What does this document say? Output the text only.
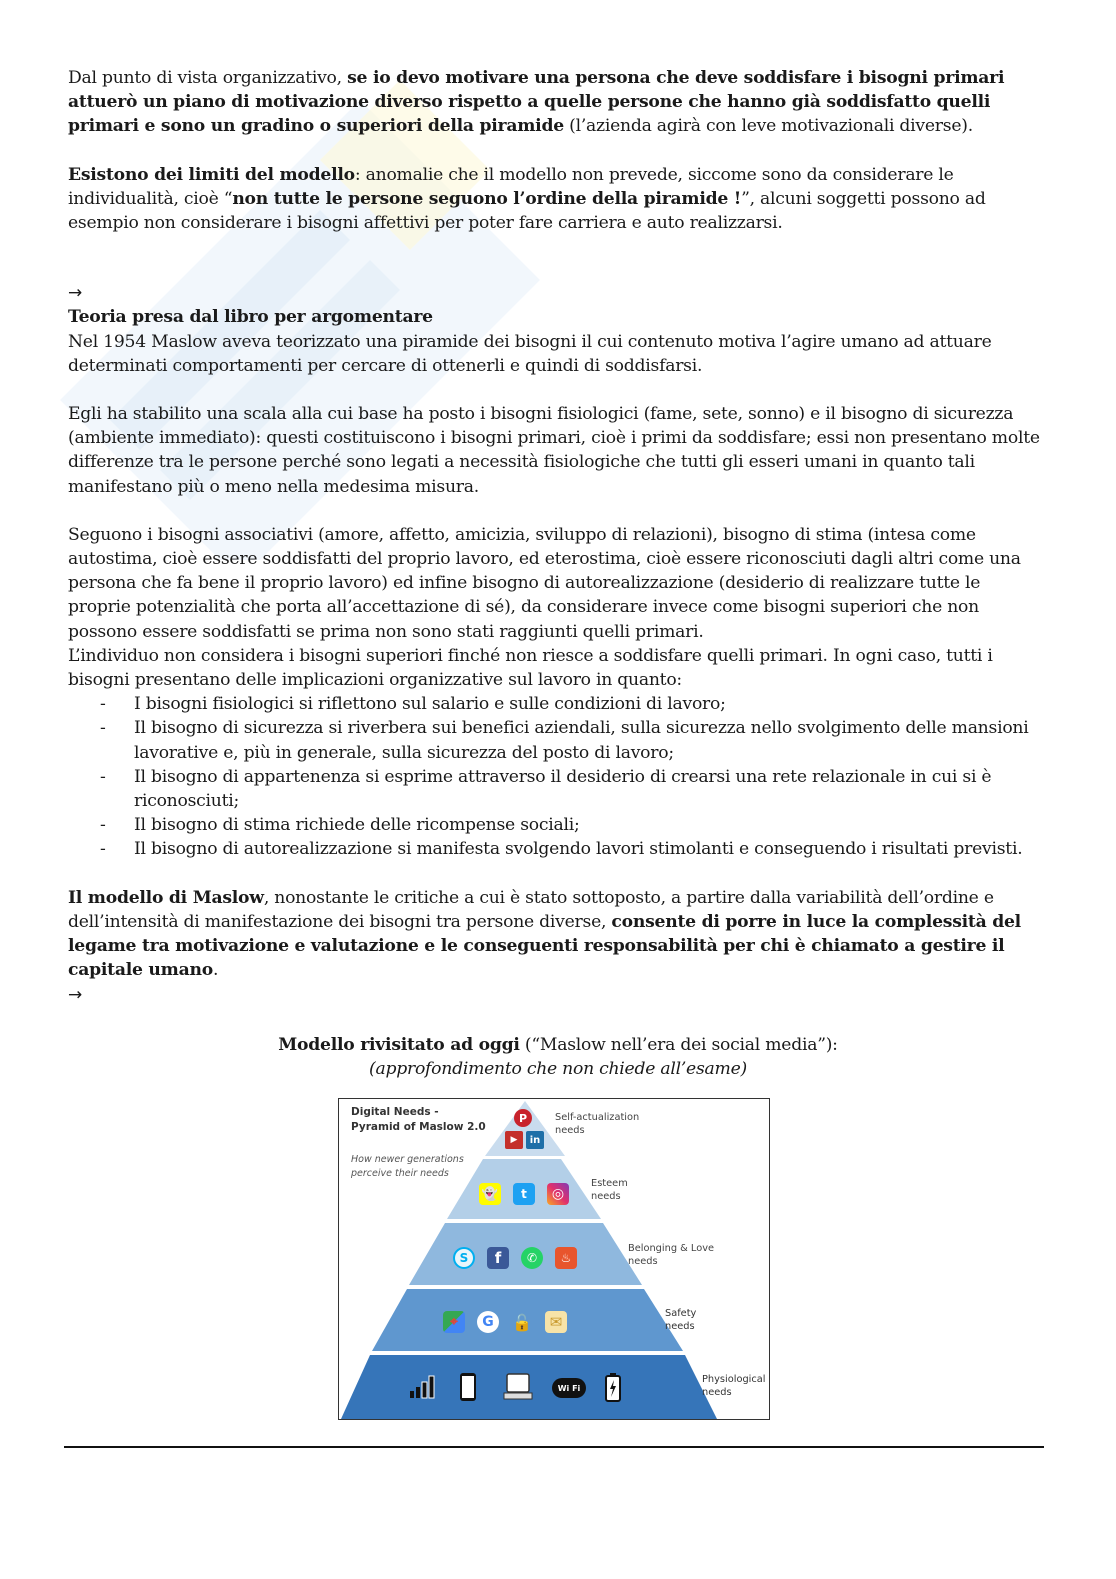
Dal punto di vista organizzativo, se io devo motivare una persona che deve soddisfare i bisogni primari attuerò un piano di motivazione diverso rispetto a quelle persone che hanno già soddisfatto quelli primari e sono un gradino o superiori della piramide (l’azienda agirà con leve motivazionali diverse).

Esistono dei limiti del modello: anomalie che il modello non prevede, siccome sono da considerare le individualità, cioè “non tutte le persone seguono l’ordine della piramide !”, alcuni soggetti possono ad esempio non considerare i bisogni affettivi per poter fare carriera e auto realizzarsi.

→

Teoria presa dal libro per argomentare

Nel 1954 Maslow aveva teorizzato una piramide dei bisogni il cui contenuto motiva l’agire umano ad attuare determinati comportamenti per cercare di ottenerli e quindi di soddisfarsi.

Egli ha stabilito una scala alla cui base ha posto i bisogni fisiologici (fame, sete, sonno) e il bisogno di sicurezza (ambiente immediato): questi costituiscono i bisogni primari, cioè i primi da soddisfare; essi non presentano molte differenze tra le persone perché sono legati a necessità fisiologiche che tutti gli esseri umani in quanto tali manifestano più o meno nella medesima misura.

Seguono i bisogni associativi (amore, affetto, amicizia, sviluppo di relazioni), bisogno di stima (intesa come autostima, cioè essere soddisfatti del proprio lavoro, ed eterostima, cioè essere riconosciuti dagli altri come una persona che fa bene il proprio lavoro) ed infine bisogno di autorealizzazione (desiderio di realizzare tutte le proprie potenzialità che porta all’accettazione di sé), da considerare invece come bisogni superiori che non possono essere soddisfatti se prima non sono stati raggiunti quelli primari.

L’individuo non considera i bisogni superiori finché non riesce a soddisfare quelli primari. In ogni caso, tutti i bisogni presentano delle implicazioni organizzative sul lavoro in quanto:

- I bisogni fisiologici si riflettono sul salario e sulle condizioni di lavoro;
- Il bisogno di sicurezza si riverbera sui benefici aziendali, sulla sicurezza nello svolgimento delle mansioni lavorative e, più in generale, sulla sicurezza del posto di lavoro;
- Il bisogno di appartenenza si esprime attraverso il desiderio di crearsi una rete relazionale in cui si è riconosciuti;
- Il bisogno di stima richiede delle ricompense sociali;
- Il bisogno di autorealizzazione si manifesta svolgendo lavori stimolanti e conseguendo i risultati previsti.

Il modello di Maslow, nonostante le critiche a cui è stato sottoposto, a partire dalla variabilità dell’ordine e dell’intensità di manifestazione dei bisogni tra persone diverse, consente di porre in luce la complessità del legame tra motivazione e valutazione e le conseguenti responsabilità per chi è chiamato a gestire il capitale umano.

→

Modello rivisitato ad oggi (“Maslow nell’era dei social media”):

(approfondimento che non chiede all’esame)

Digital Needs -
Pyramid of Maslow 2.0
How newer generations
perceive their needs
P
▶	in
Self-actualization
needs
👻	t	◎
Esteem
needs
S	f	✆	♨
Belonging & Love
needs
⌖	G	🔓	✉	Safety
needs
Wi Fi
Physiological
needs
